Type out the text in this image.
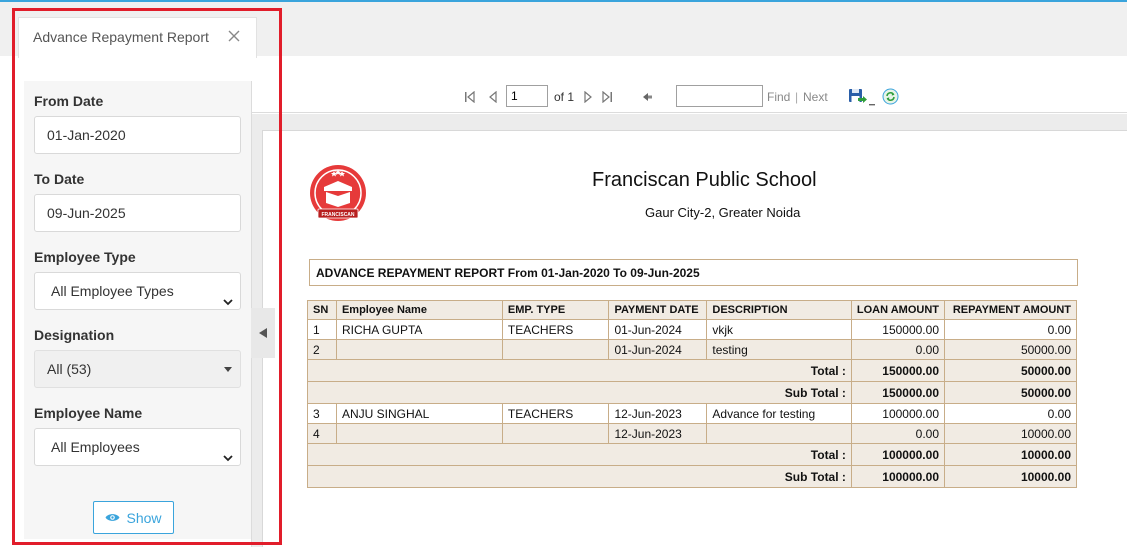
Advance Repayment Report
From Date
01-Jan-2020
To Date
09-Jun-2025
Employee Type
All Employee Types
Designation
All (53)
Employee Name
All Employees
Show
1
of 1	Find | Next
FRANCISCAN
Franciscan Public School
Gaur City-2, Greater Noida
ADVANCE REPAYMENT REPORT From 01-Jan-2020 To 09-Jun-2025
SN	Employee Name	EMP. TYPE	PAYMENT DATE	DESCRIPTION	LOAN AMOUNT	REPAYMENT AMOUNT
1	RICHA GUPTA	TEACHERS	01-Jun-2024	vkjk	150000.00	0.00
2			01-Jun-2024	testing	0.00	50000.00
Total :					150000.00	50000.00
Sub Total :					150000.00	50000.00
3	ANJU SINGHAL	TEACHERS	12-Jun-2023	Advance for testing	100000.00	0.00
4			12-Jun-2023		0.00	10000.00
Total :					100000.00	10000.00
Sub Total :					100000.00	10000.00
